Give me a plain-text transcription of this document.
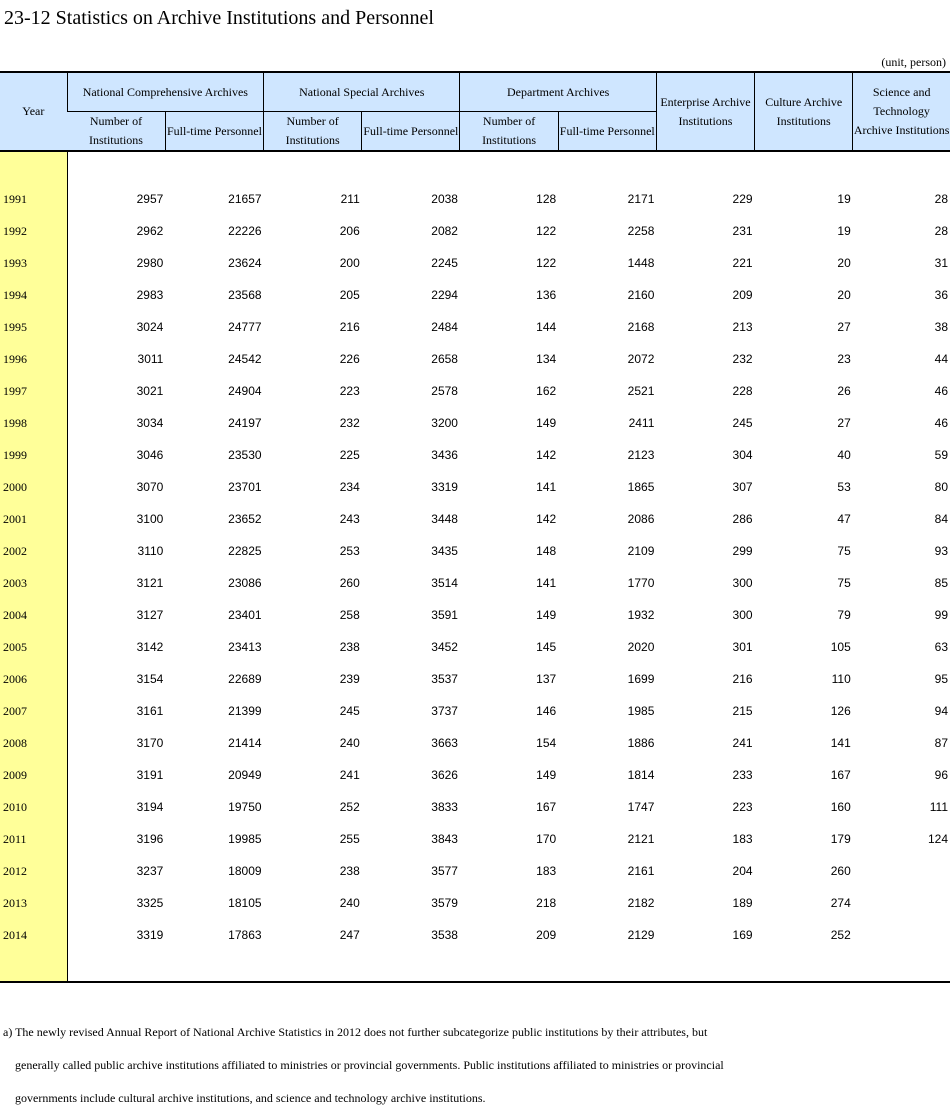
23-12 Statistics on Archive Institutions and Personnel
(unit, person)
Year	National Comprehensive Archives		National Special Archives		Department Archives		Enterprise Archive Institutions	Culture Archive Institutions	Science and Technology Archive Institutions
	Number of Institutions	Full-time Personnel	Number of Institutions	Full-time Personnel	Number of Institutions	Full-time Personnel			

1991	2957	21657	211	2038	128	2171	229	19	28
1992	2962	22226	206	2082	122	2258	231	19	28
1993	2980	23624	200	2245	122	1448	221	20	31
1994	2983	23568	205	2294	136	2160	209	20	36
1995	3024	24777	216	2484	144	2168	213	27	38
1996	3011	24542	226	2658	134	2072	232	23	44
1997	3021	24904	223	2578	162	2521	228	26	46
1998	3034	24197	232	3200	149	2411	245	27	46
1999	3046	23530	225	3436	142	2123	304	40	59
2000	3070	23701	234	3319	141	1865	307	53	80
2001	3100	23652	243	3448	142	2086	286	47	84
2002	3110	22825	253	3435	148	2109	299	75	93
2003	3121	23086	260	3514	141	1770	300	75	85
2004	3127	23401	258	3591	149	1932	300	79	99
2005	3142	23413	238	3452	145	2020	301	105	63
2006	3154	22689	239	3537	137	1699	216	110	95
2007	3161	21399	245	3737	146	1985	215	126	94
2008	3170	21414	240	3663	154	1886	241	141	87
2009	3191	20949	241	3626	149	1814	233	167	96
2010	3194	19750	252	3833	167	1747	223	160	111
2011	3196	19985	255	3843	170	2121	183	179	124
2012	3237	18009	238	3577	183	2161	204	260	
2013	3325	18105	240	3579	218	2182	189	274	
2014	3319	17863	247	3538	209	2129	169	252	

a) The newly revised Annual Report of National Archive Statistics in 2012 does not further subcategorize public institutions by their attributes, but
generally called public archive institutions affiliated to ministries or provincial governments. Public institutions affiliated to ministries or provincial
governments include cultural archive institutions, and science and technology archive institutions.
